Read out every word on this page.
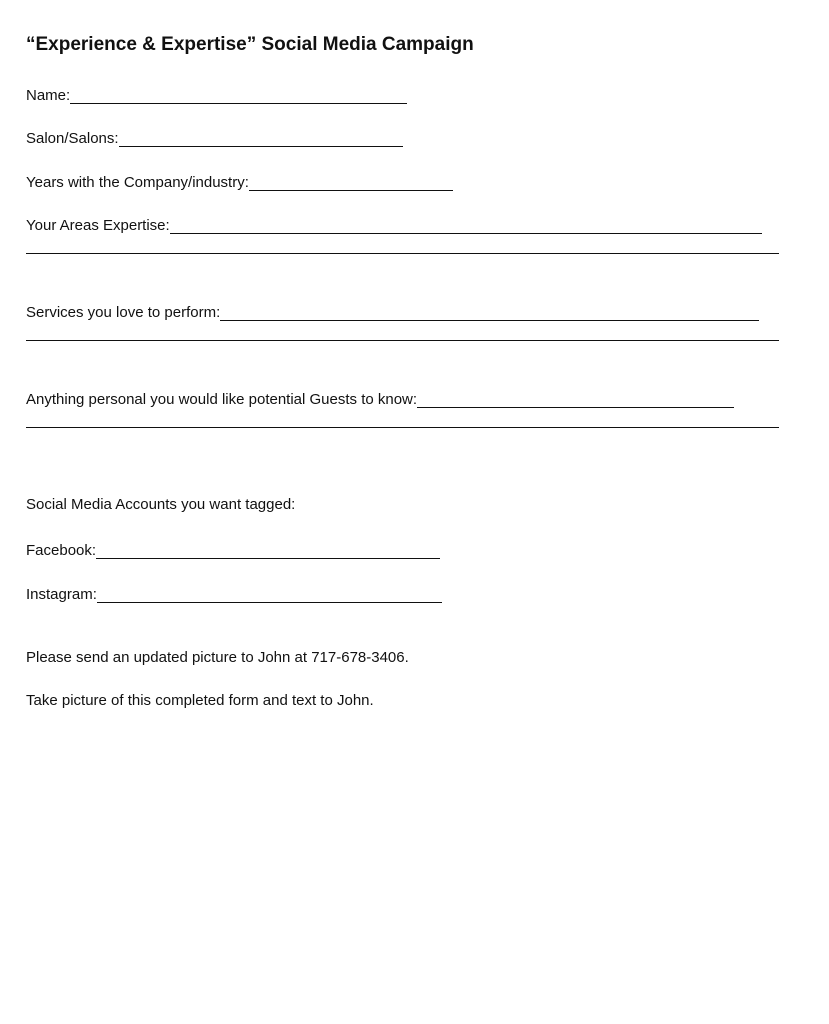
“Experience & Expertise” Social Media Campaign
Name:
Salon/Salons:
Years with the Company/industry:
Your Areas Expertise:
Services you love to perform:
Anything personal you would like potential Guests to know:
Social Media Accounts you want tagged:
Facebook:
Instagram:
Please send an updated picture to John at 717-678-3406.
Take picture of this completed form and text to John.
